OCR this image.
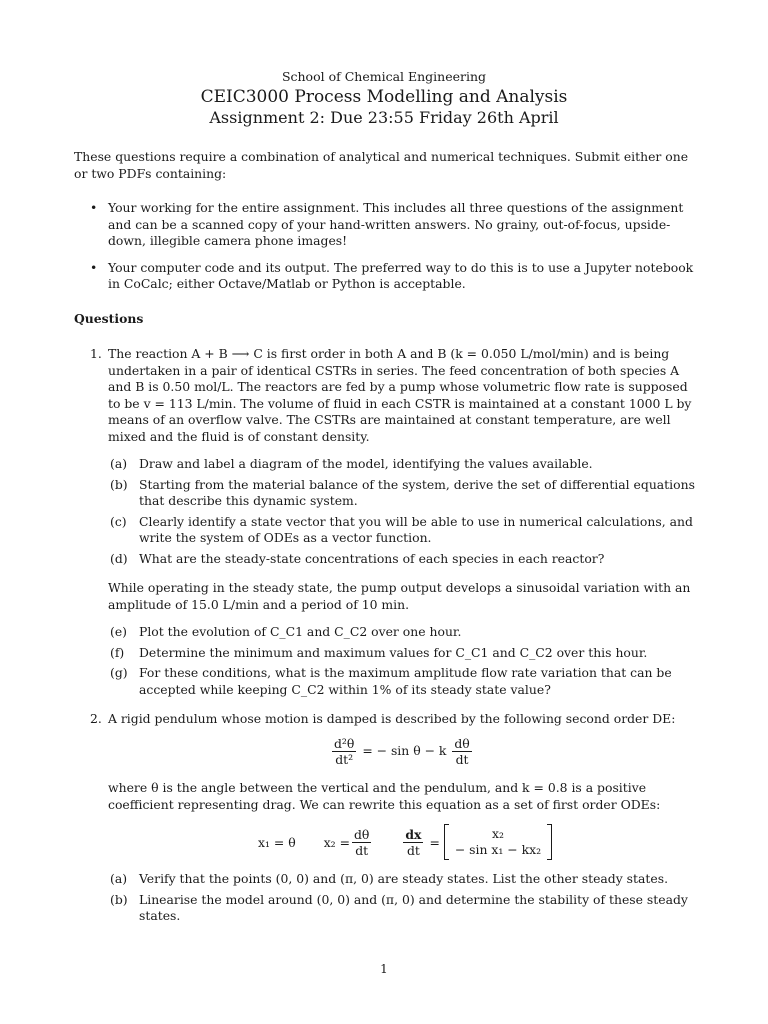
School of Chemical Engineering
CEIC3000 Process Modelling and Analysis
Assignment 2: Due 23:55 Friday 26th April

These questions require a combination of analytical and numerical techniques. Submit either one or two PDFs containing:

• Your working for the entire assignment. This includes all three questions of the assignment and can be a scanned copy of your hand-written answers. No grainy, out-of-focus, upside-down, illegible camera phone images!
• Your computer code and its output. The preferred way to do this is to use a Jupyter notebook in CoCalc; either Octave/Matlab or Python is acceptable.
Questions
1. The reaction A + B ⟶ C is first order in both A and B (k = 0.050 L/mol/min) and is being undertaken in a pair of identical CSTRs in series. The feed concentration of both species A and B is 0.50 mol/L. The reactors are fed by a pump whose volumetric flow rate is supposed to be v = 113 L/min. The volume of fluid in each CSTR is maintained at a constant 1000 L by means of an overflow valve. The CSTRs are maintained at constant temperature, are well mixed and the fluid is of constant density.

(a) Draw and label a diagram of the model, identifying the values available.
(b) Starting from the material balance of the system, derive the set of differential equations that describe this dynamic system.
(c) Clearly identify a state vector that you will be able to use in numerical calculations, and write the system of ODEs as a vector function.
(d) What are the steady-state concentrations of each species in each reactor?

While operating in the steady state, the pump output develops a sinusoidal variation with an amplitude of 15.0 L/min and a period of 10 min.

(e) Plot the evolution of C_C1 and C_C2 over one hour.
(f) Determine the minimum and maximum values for C_C1 and C_C2 over this hour.
(g) For these conditions, what is the maximum amplitude flow rate variation that can be accepted while keeping C_C2 within 1% of its steady state value?
2. A rigid pendulum whose motion is damped is described by the following second order DE:

$\frac{\text{d²θ}}{\text{dt²}}$ = − sin θ − k $\frac{d\theta}{dt}$

where θ is the angle between the vertical and the pendulum, and k = 0.8 is a positive coefficient representing drag. We can rewrite this equation as a set of first order ODEs:

x₁ = θ $x_2 = \frac{d\theta}{dt}$	$\frac{dx}{dt}$ =
x₂
− sin x₁ − kx₂
(a) Verify that the points (0, 0) and (π, 0) are steady states. List the other steady states.
(b) Linearise the model around (0, 0) and (π, 0) and determine the stability of these steady states.
1
